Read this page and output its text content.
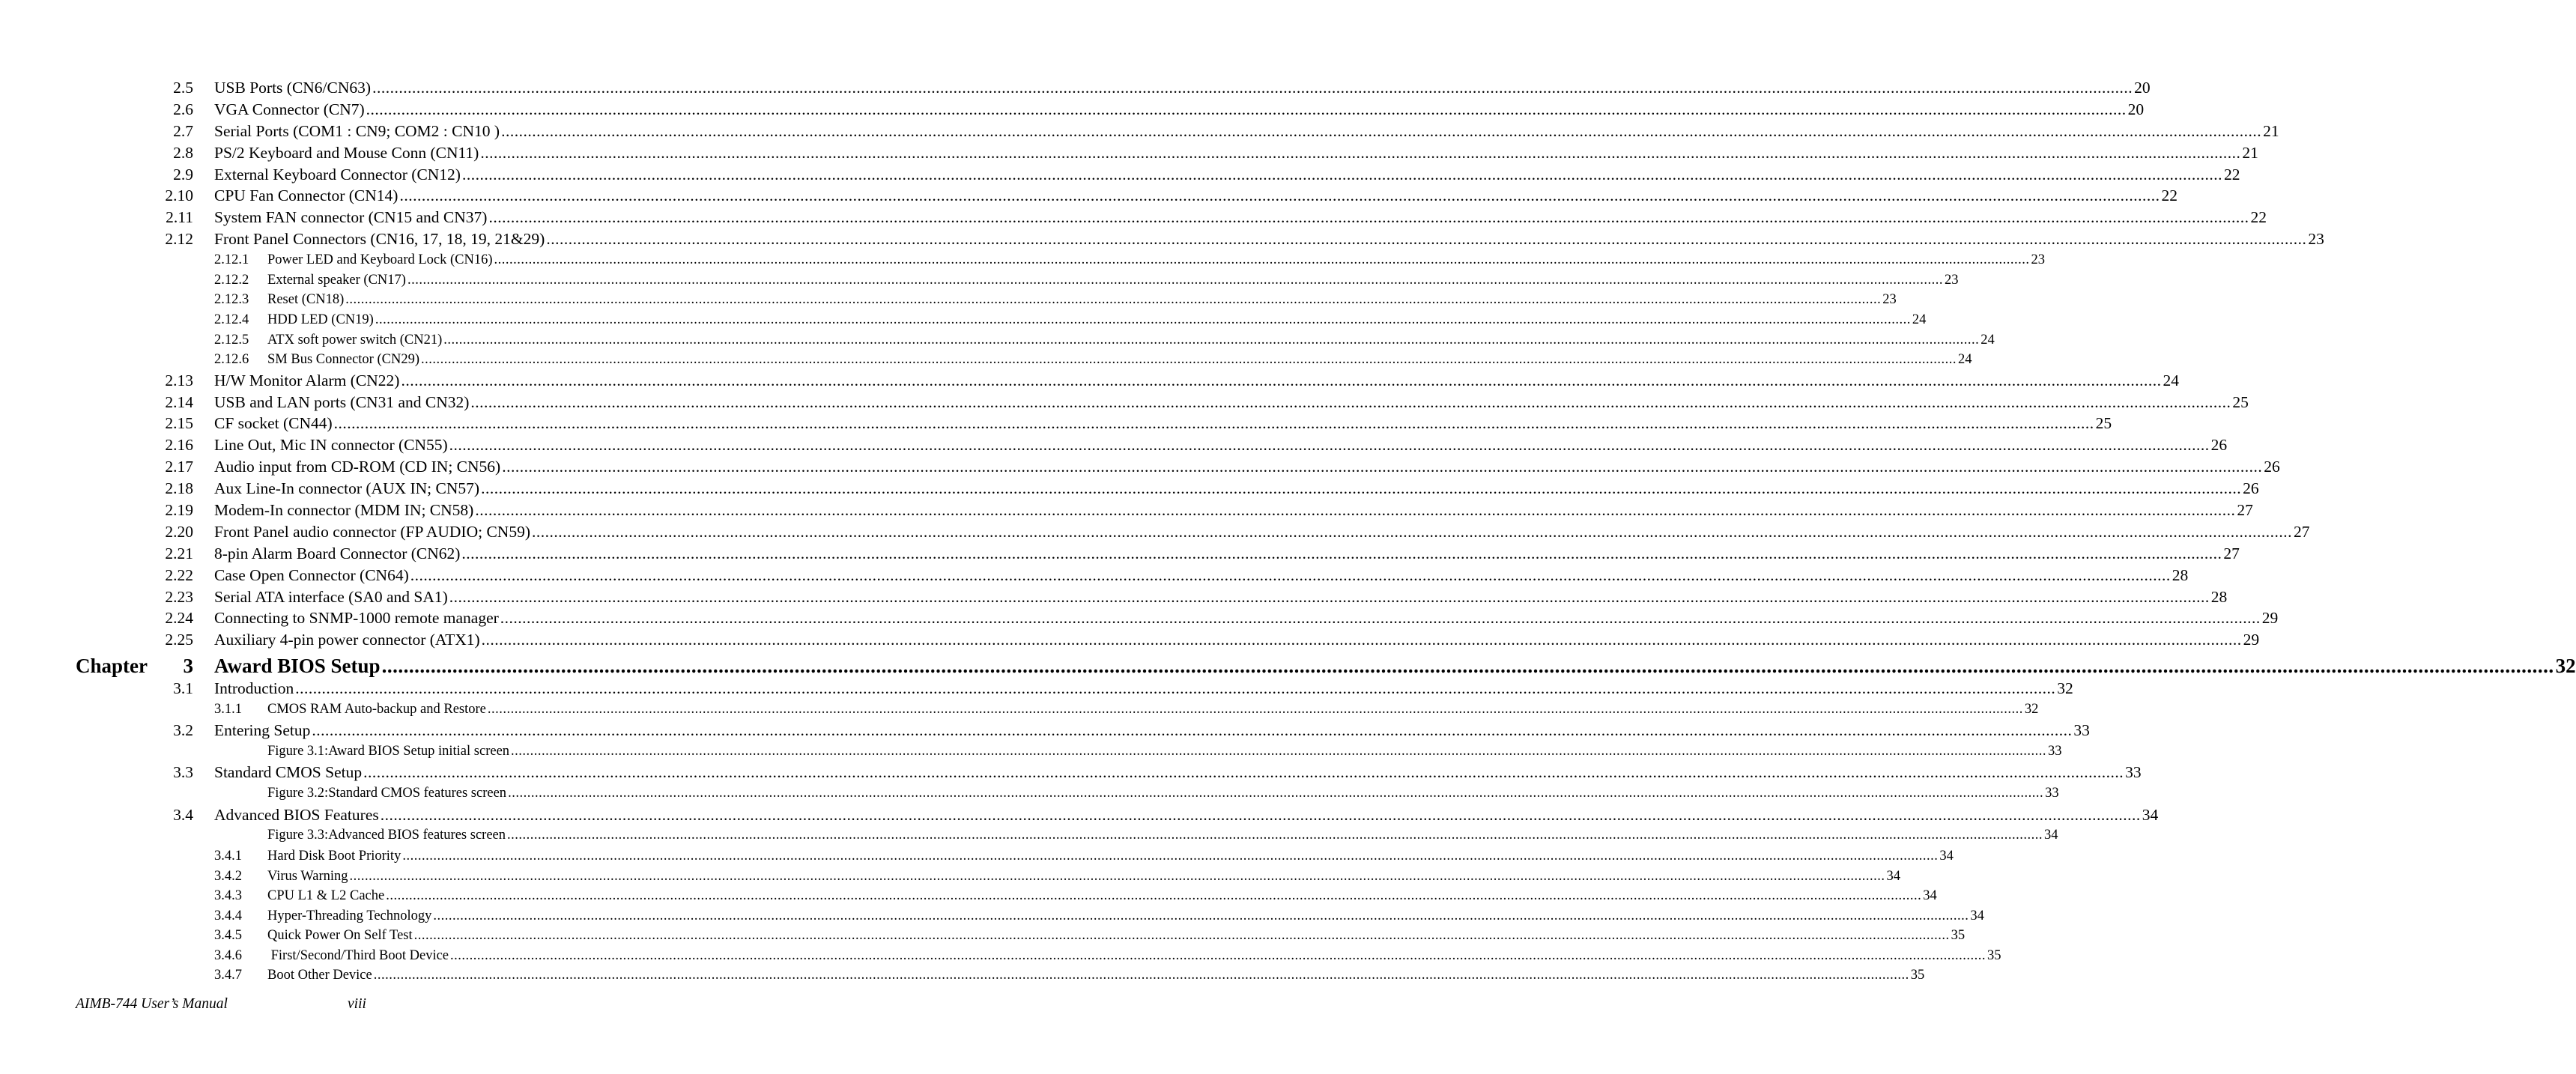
2.5 USB Ports (CN6/CN63) ................................................................................................................................................................................................................................................................................................................................................................................................................ 20
2.6 VGA Connector (CN7) ................................................................................................................................................................................................................................................................................................................................................................................................................ 20
2.7 Serial Ports (COM1 : CN9; COM2 : CN10 ) ................................................................................................................................................................................................................................................................................................................................................................................................................ 21
2.8 PS/2 Keyboard and Mouse Conn (CN11) ................................................................................................................................................................................................................................................................................................................................................................................................................ 21
2.9 External Keyboard Connector (CN12) ................................................................................................................................................................................................................................................................................................................................................................................................................ 22
2.10 CPU Fan Connector (CN14) ................................................................................................................................................................................................................................................................................................................................................................................................................ 22
2.11 System FAN connector (CN15 and CN37) ................................................................................................................................................................................................................................................................................................................................................................................................................ 22
2.12 Front Panel Connectors (CN16, 17, 18, 19, 21&29) ................................................................................................................................................................................................................................................................................................................................................................................................................ 23
2.12.1 Power LED and Keyboard Lock (CN16) ................................................................................................................................................................................................................................................................................................................................................................................................................ 23
2.12.2 External speaker (CN17) ................................................................................................................................................................................................................................................................................................................................................................................................................ 23
2.12.3 Reset (CN18) ................................................................................................................................................................................................................................................................................................................................................................................................................ 23
2.12.4 HDD LED (CN19) ................................................................................................................................................................................................................................................................................................................................................................................................................ 24
2.12.5 ATX soft power switch (CN21) ................................................................................................................................................................................................................................................................................................................................................................................................................ 24
2.12.6 SM Bus Connector (CN29) ................................................................................................................................................................................................................................................................................................................................................................................................................ 24
2.13 H/W Monitor Alarm (CN22) ................................................................................................................................................................................................................................................................................................................................................................................................................ 24
2.14 USB and LAN ports (CN31 and CN32) ................................................................................................................................................................................................................................................................................................................................................................................................................ 25
2.15 CF socket (CN44) ................................................................................................................................................................................................................................................................................................................................................................................................................ 25
2.16 Line Out, Mic IN connector (CN55) ................................................................................................................................................................................................................................................................................................................................................................................................................ 26
2.17 Audio input from CD-ROM (CD IN; CN56) ................................................................................................................................................................................................................................................................................................................................................................................................................ 26
2.18 Aux Line-In connector (AUX IN; CN57) ................................................................................................................................................................................................................................................................................................................................................................................................................ 26
2.19 Modem-In connector (MDM IN; CN58) ................................................................................................................................................................................................................................................................................................................................................................................................................ 27
2.20 Front Panel audio connector (FP AUDIO; CN59) ................................................................................................................................................................................................................................................................................................................................................................................................................ 27
2.21 8-pin Alarm Board Connector (CN62) ................................................................................................................................................................................................................................................................................................................................................................................................................ 27
2.22 Case Open Connector (CN64) ................................................................................................................................................................................................................................................................................................................................................................................................................ 28
2.23 Serial ATA interface (SA0 and SA1) ................................................................................................................................................................................................................................................................................................................................................................................................................ 28
2.24 Connecting to SNMP-1000 remote manager ................................................................................................................................................................................................................................................................................................................................................................................................................ 29
2.25 Auxiliary 4-pin power connector (ATX1) ................................................................................................................................................................................................................................................................................................................................................................................................................ 29
Chapter	3 Award BIOS Setup ................................................................................................................................................................................................................................................................................................................................................................................................................ 32
3.1 Introduction ................................................................................................................................................................................................................................................................................................................................................................................................................ 32
3.1.1 CMOS RAM Auto-backup and Restore ................................................................................................................................................................................................................................................................................................................................................................................................................ 32
3.2 Entering Setup ................................................................................................................................................................................................................................................................................................................................................................................................................ 33
Figure 3.1:Award BIOS Setup initial screen ................................................................................................................................................................................................................................................................................................................................................................................................................ 33
3.3 Standard CMOS Setup ................................................................................................................................................................................................................................................................................................................................................................................................................ 33
Figure 3.2:Standard CMOS features screen ................................................................................................................................................................................................................................................................................................................................................................................................................ 33
3.4 Advanced BIOS Features ................................................................................................................................................................................................................................................................................................................................................................................................................ 34
Figure 3.3:Advanced BIOS features screen ................................................................................................................................................................................................................................................................................................................................................................................................................ 34
3.4.1 Hard Disk Boot Priority ................................................................................................................................................................................................................................................................................................................................................................................................................ 34
3.4.2 Virus Warning ................................................................................................................................................................................................................................................................................................................................................................................................................ 34
3.4.3 CPU L1 & L2 Cache ................................................................................................................................................................................................................................................................................................................................................................................................................ 34
3.4.4 Hyper-Threading Technology ................................................................................................................................................................................................................................................................................................................................................................................................................ 34
3.4.5 Quick Power On Self Test ................................................................................................................................................................................................................................................................................................................................................................................................................ 35
3.4.6 First/Second/Third Boot Device ................................................................................................................................................................................................................................................................................................................................................................................................................ 35
3.4.7 Boot Other Device ................................................................................................................................................................................................................................................................................................................................................................................................................ 35
AIMB-744 User’s Manual	viii
